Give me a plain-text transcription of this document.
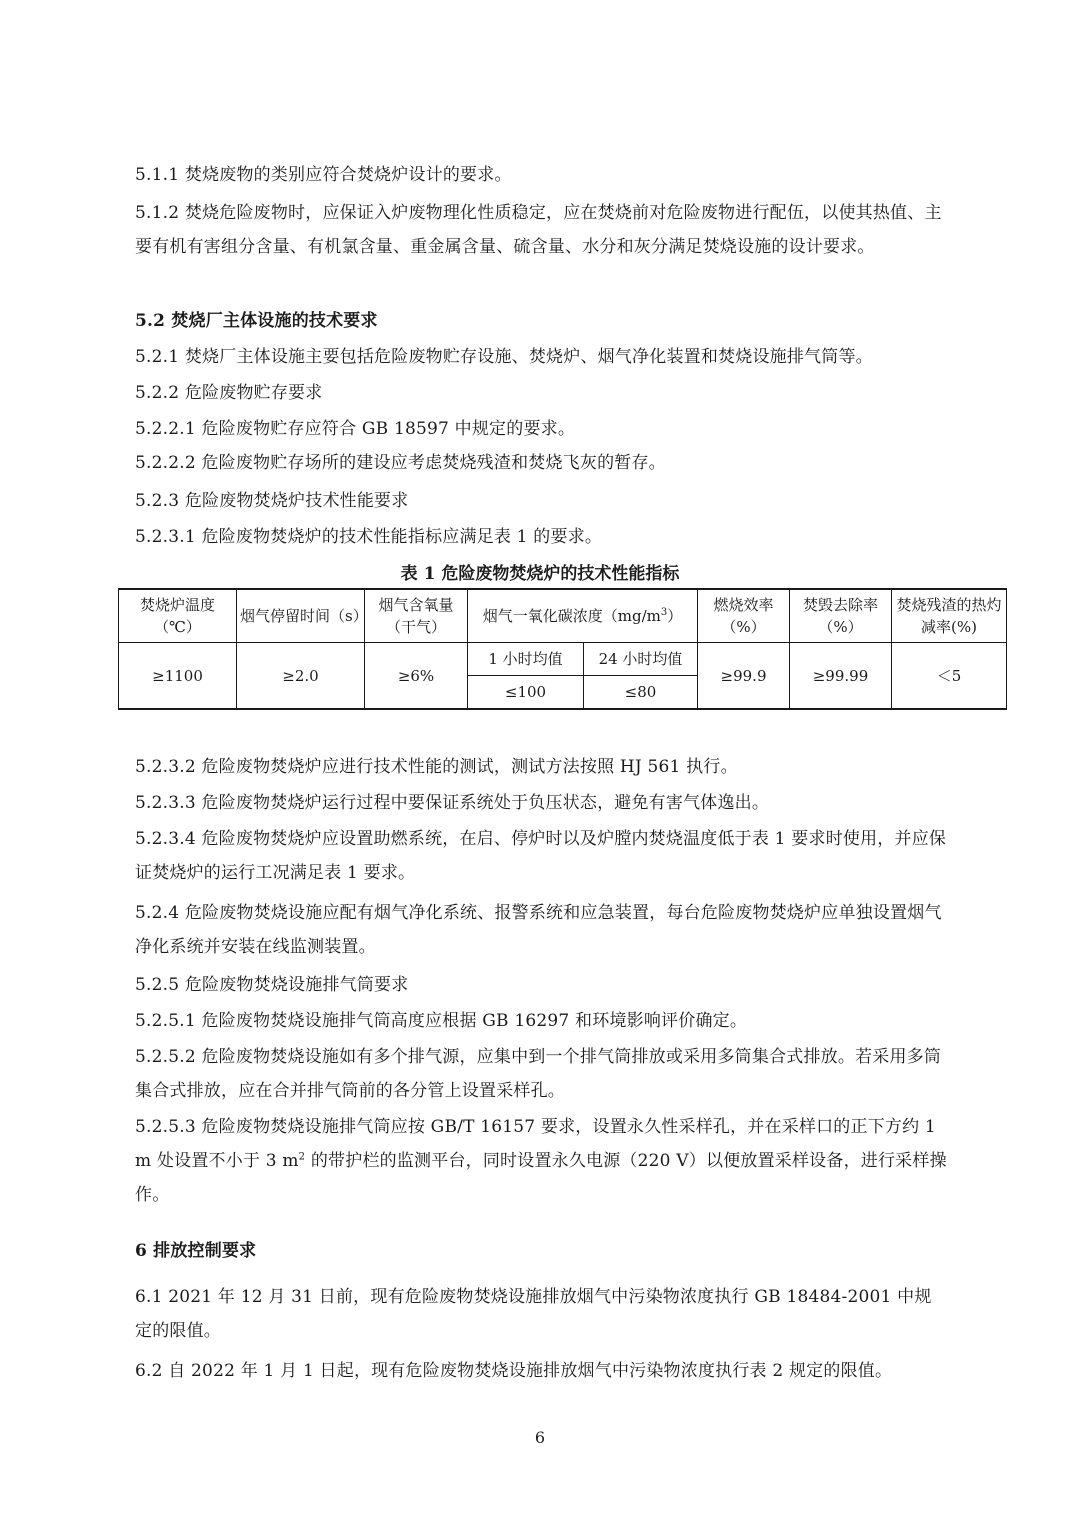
5.1.1 焚烧废物的类别应符合焚烧炉设计的要求。

5.1.2 焚烧危险废物时，应保证入炉废物理化性质稳定，应在焚烧前对危险废物进行配伍，以使其热值、主要有机有害组分含量、有机氯含量、重金属含量、硫含量、水分和灰分满足焚烧设施的设计要求。

5.2 焚烧厂主体设施的技术要求

5.2.1 焚烧厂主体设施主要包括危险废物贮存设施、焚烧炉、烟气净化装置和焚烧设施排气筒等。

5.2.2 危险废物贮存要求

5.2.2.1 危险废物贮存应符合 GB 18597 中规定的要求。

5.2.2.2 危险废物贮存场所的建设应考虑焚烧残渣和焚烧飞灰的暂存。

5.2.3 危险废物焚烧炉技术性能要求

5.2.3.1 危险废物焚烧炉的技术性能指标应满足表 1 的要求。

表 1 危险废物焚烧炉的技术性能指标
焚烧炉温度（℃）	烟气停留时间（s）	烟气含氧量（干气）	烟气一氧化碳浓度$(mg/m^3)$		燃烧效率（%）	焚毁去除率（%）	焚烧残渣的热灼减率(%)
≥1100	≥2.0	≥6%	1 小时均值	24 小时均值	≥99.9	≥99.99	＜5
			≤100	≤80			

5.2.3.2 危险废物焚烧炉应进行技术性能的测试，测试方法按照 HJ 561 执行。

5.2.3.3 危险废物焚烧炉运行过程中要保证系统处于负压状态，避免有害气体逸出。

5.2.3.4 危险废物焚烧炉应设置助燃系统，在启、停炉时以及炉膛内焚烧温度低于表 1 要求时使用，并应保证焚烧炉的运行工况满足表 1 要求。

5.2.4 危险废物焚烧设施应配有烟气净化系统、报警系统和应急装置，每台危险废物焚烧炉应单独设置烟气净化系统并安装在线监测装置。

5.2.5 危险废物焚烧设施排气筒要求

5.2.5.1 危险废物焚烧设施排气筒高度应根据 GB 16297 和环境影响评价确定。

5.2.5.2 危险废物焚烧设施如有多个排气源，应集中到一个排气筒排放或采用多筒集合式排放。若采用多筒集合式排放，应在合并排气筒前的各分管上设置采样孔。

5.2.5.3 危险废物焚烧设施排气筒应按 GB/T 16157 要求，设置永久性采样孔，并在采样口的正下方约 1 m 处设置不小于 3 $m^2$ 的带护栏的监测平台，同时设置永久电源（220 V）以便放置采样设备，进行采样操作。

6 排放控制要求

6.1 2021 年 12 月 31 日前，现有危险废物焚烧设施排放烟气中污染物浓度执行 GB 18484-2001 中规定的限值。

6.2 自 2022 年 1 月 1 日起，现有危险废物焚烧设施排放烟气中污染物浓度执行表 2 规定的限值。

6
